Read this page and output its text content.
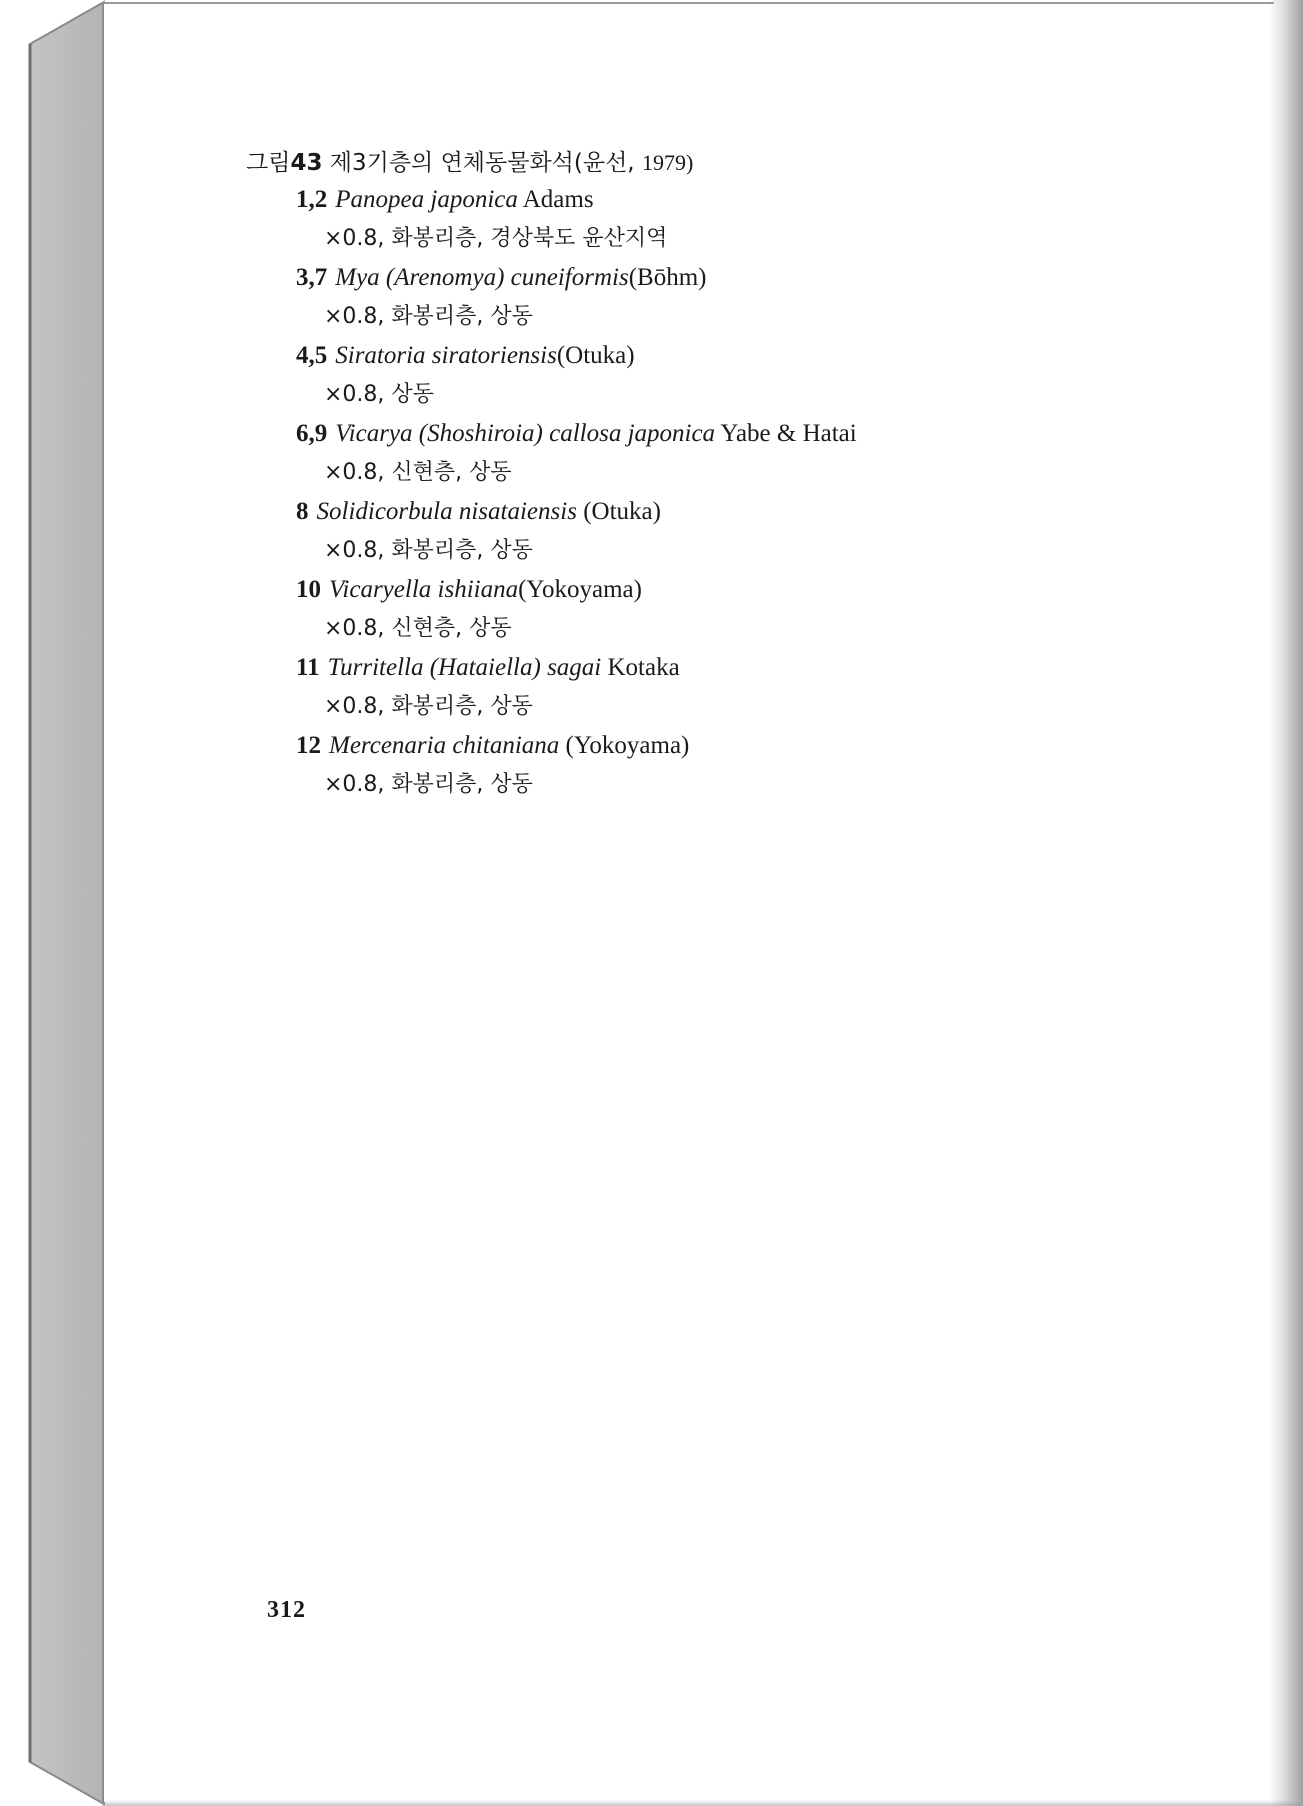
그림43 제3기층의 연체동물화석(윤선, 1979)
1,2 Panopea japonica Adams
×0.8, 화봉리층, 경상북도 윤산지역
3,7 Mya (Arenomya) cuneiformis(Bōhm)
×0.8, 화봉리층, 상동
4,5 Siratoria siratoriensis(Otuka)
×0.8, 상동
6,9 Vicarya (Shoshiroia) callosa japonica Yabe & Hatai
×0.8, 신현층, 상동
8 Solidicorbula nisataiensis (Otuka)
×0.8, 화봉리층, 상동
10 Vicaryella ishiiana(Yokoyama)
×0.8, 신현층, 상동
11 Turritella (Hataiella) sagai Kotaka
×0.8, 화봉리층, 상동
12 Mercenaria chitaniana (Yokoyama)
×0.8, 화봉리층, 상동
312
